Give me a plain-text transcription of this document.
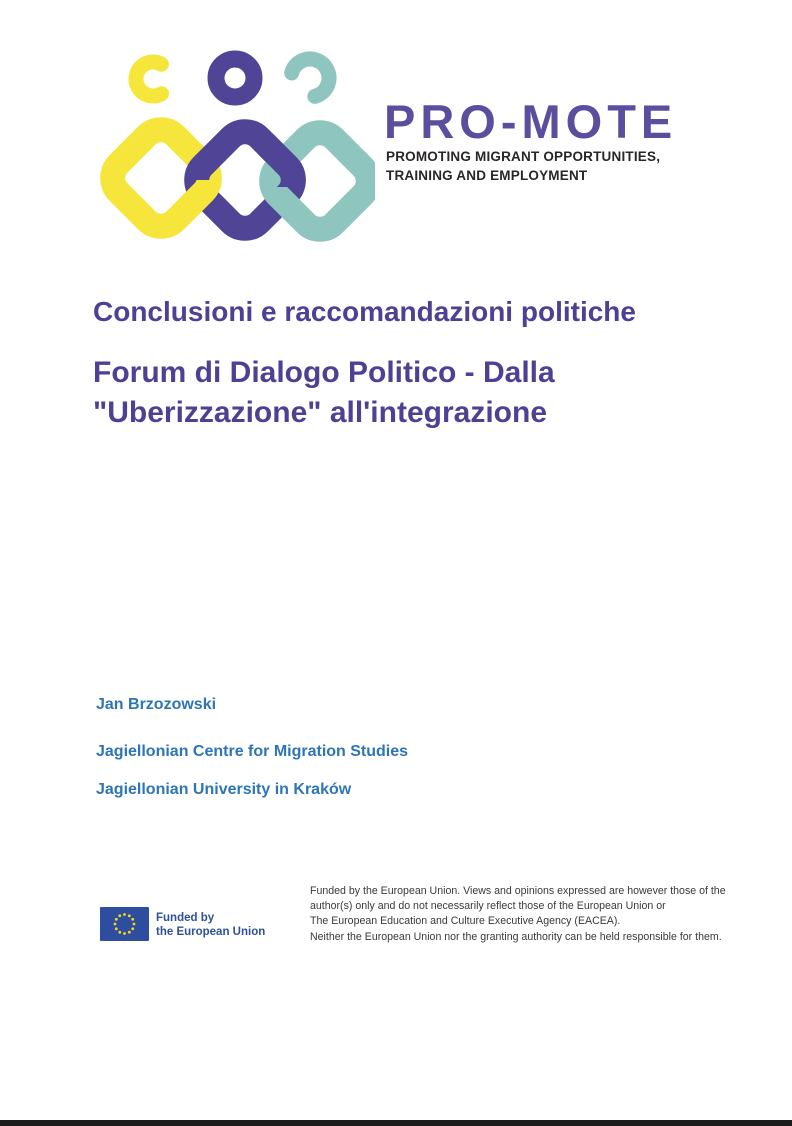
PRO-MOTE
PROMOTING MIGRANT OPPORTUNITIES,
TRAINING AND EMPLOYMENT
Conclusioni e raccomandazioni politiche
Forum di Dialogo Politico - Dalla
"Uberizzazione" all'integrazione
Jan Brzozowski
Jagiellonian Centre for Migration Studies
Jagiellonian University in Kraków
Funded by
the European Union
Funded by the European Union. Views and opinions expressed are however those of the
author(s) only and do not necessarily reflect those of the European Union or
The European Education and Culture Executive Agency (EACEA).
Neither the European Union nor the granting authority can be held responsible for them.
